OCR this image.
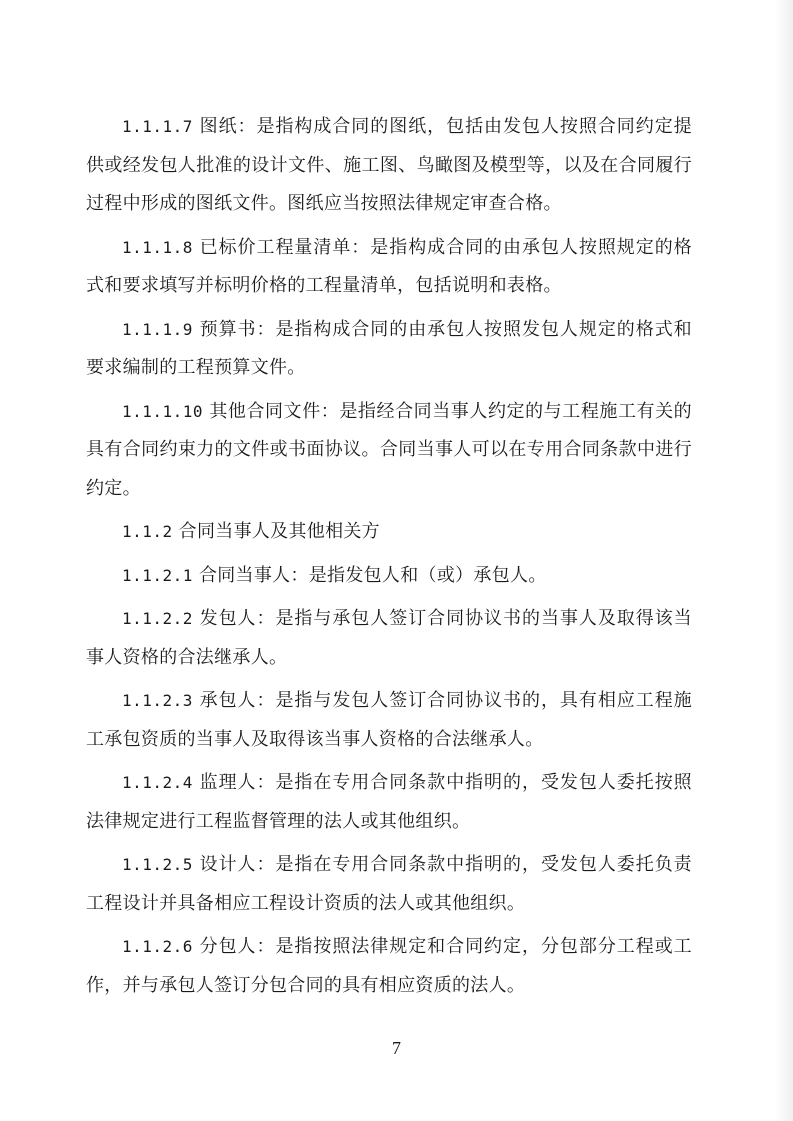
1.1.1.7 图纸：是指构成合同的图纸，包括由发包人按照合同约定提供或经发包人批准的设计文件、施工图、鸟瞰图及模型等，以及在合同履行过程中形成的图纸文件。图纸应当按照法律规定审查合格。

1.1.1.8 已标价工程量清单：是指构成合同的由承包人按照规定的格式和要求填写并标明价格的工程量清单，包括说明和表格。

1.1.1.9 预算书：是指构成合同的由承包人按照发包人规定的格式和要求编制的工程预算文件。

1.1.1.10 其他合同文件：是指经合同当事人约定的与工程施工有关的具有合同约束力的文件或书面协议。合同当事人可以在专用合同条款中进行约定。

1.1.2 合同当事人及其他相关方

1.1.2.1 合同当事人：是指发包人和（或）承包人。

1.1.2.2 发包人：是指与承包人签订合同协议书的当事人及取得该当事人资格的合法继承人。

1.1.2.3 承包人：是指与发包人签订合同协议书的，具有相应工程施工承包资质的当事人及取得该当事人资格的合法继承人。

1.1.2.4 监理人：是指在专用合同条款中指明的，受发包人委托按照法律规定进行工程监督管理的法人或其他组织。

1.1.2.5 设计人：是指在专用合同条款中指明的，受发包人委托负责工程设计并具备相应工程设计资质的法人或其他组织。

1.1.2.6 分包人：是指按照法律规定和合同约定，分包部分工程或工作，并与承包人签订分包合同的具有相应资质的法人。

7
